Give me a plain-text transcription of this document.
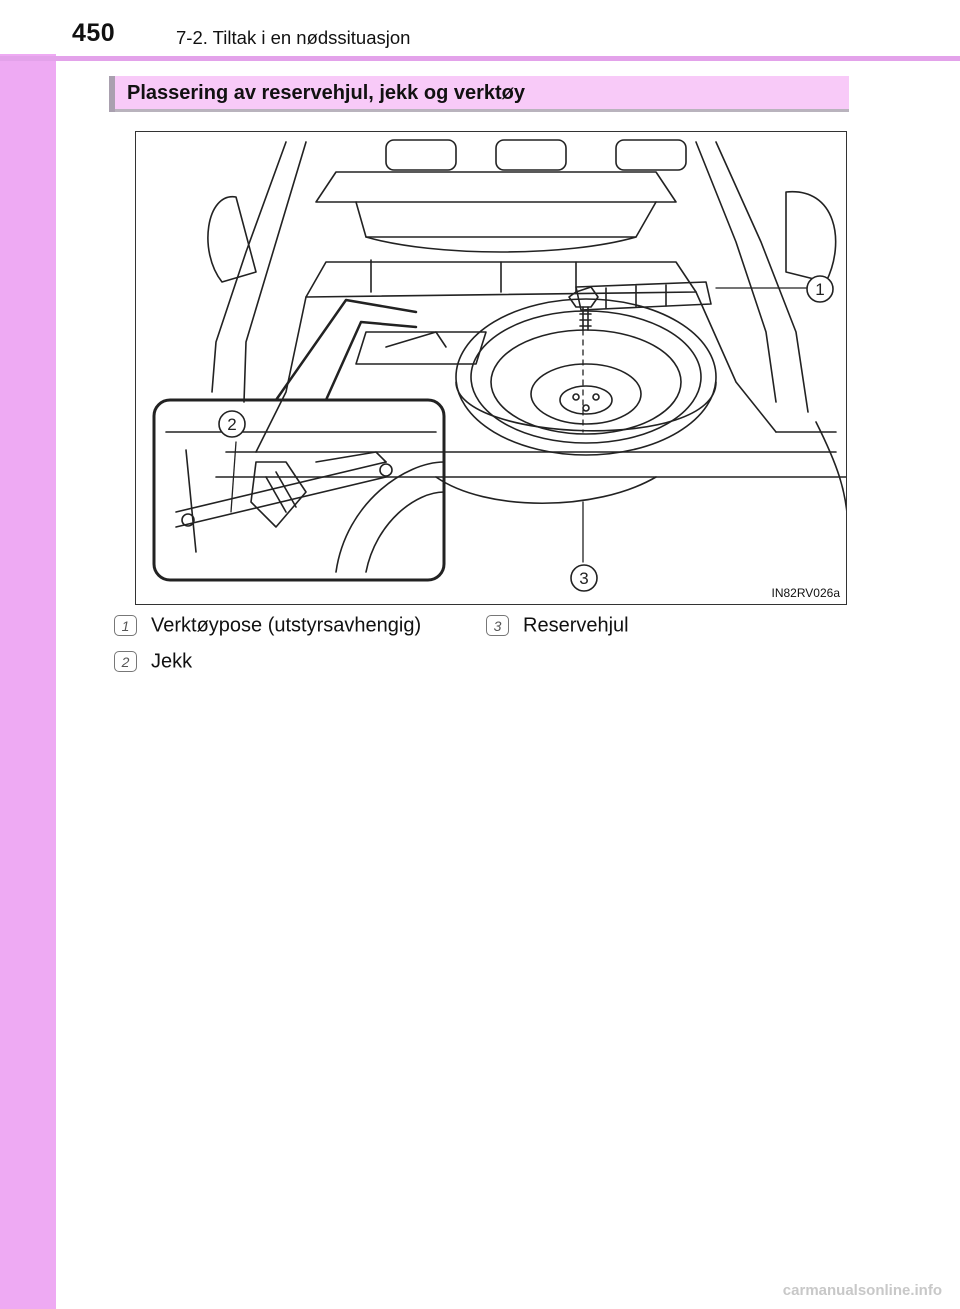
450	7-2. Tiltak i en nødssituasjon
Plassering av reservehjul, jekk og verktøy
1
2
3
IN82RV026a
1 Verktøypose (utstyrsavhengig)
2 Jekk
3 Reservehjul
carmanualsonline.info
